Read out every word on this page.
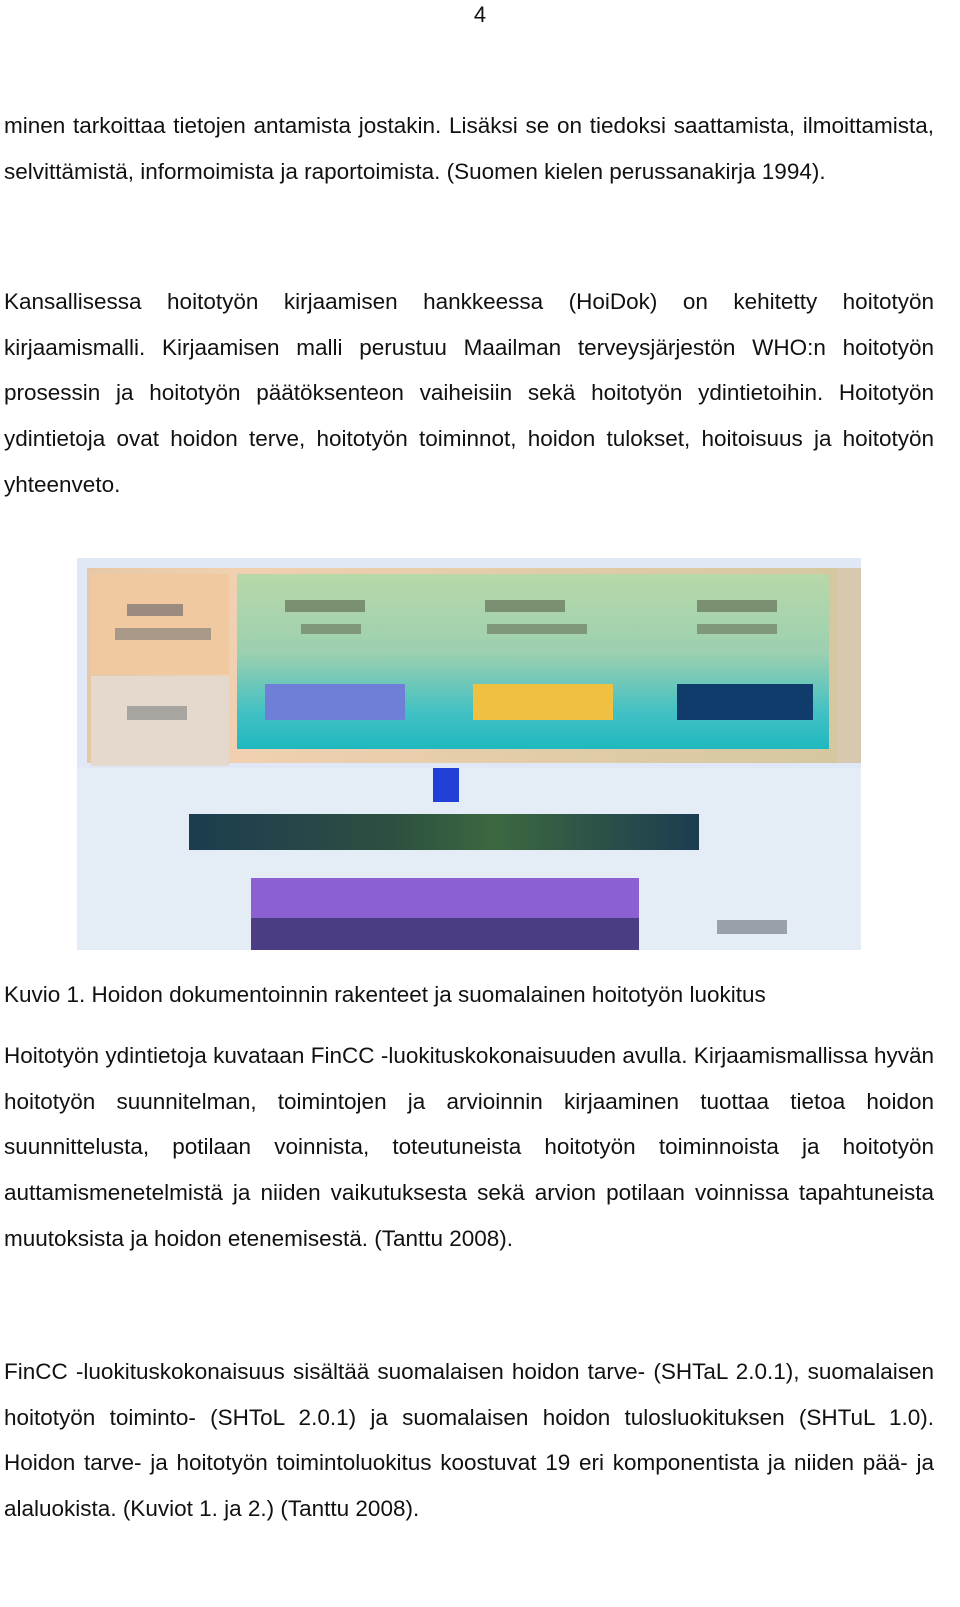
4

minen tarkoittaa tietojen antamista jostakin. Lisäksi se on tiedoksi saattamista, ilmoittamista, selvittämistä, informoimista ja raportoimista. (Suomen kielen perussanakirja 1994).

Kansallisessa hoitotyön kirjaamisen hankkeessa (HoiDok) on kehitetty hoitotyön kirjaamismalli. Kirjaamisen malli perustuu Maailman terveysjärjestön WHO:n hoitotyön prosessin ja hoitotyön päätöksenteon vaiheisiin sekä hoitotyön ydintietoihin. Hoitotyön ydintietoja ovat hoidon terve, hoitotyön toiminnot, hoidon tulokset, hoitoisuus ja hoitotyön yhteenveto.

Kuvio 1. Hoidon dokumentoinnin rakenteet ja suomalainen hoitotyön luokitus

Hoitotyön ydintietoja kuvataan FinCC -luokituskokonaisuuden avulla. Kirjaamismallissa hyvän hoitotyön suunnitelman, toimintojen ja arvioinnin kirjaaminen tuottaa tietoa hoidon suunnittelusta, potilaan voinnista, toteutuneista hoitotyön toiminnoista ja hoitotyön auttamismenetelmistä ja niiden vaikutuksesta sekä arvion potilaan voinnissa tapahtuneista muutoksista ja hoidon etenemisestä. (Tanttu 2008).

FinCC -luokituskokonaisuus sisältää suomalaisen hoidon tarve- (SHTaL 2.0.1), suomalaisen hoitotyön toiminto- (SHToL 2.0.1) ja suomalaisen hoidon tulosluokituksen (SHTuL 1.0). Hoidon tarve- ja hoitotyön toimintoluokitus koostuvat 19 eri komponentista ja niiden pää- ja alaluokista. (Kuviot 1. ja 2.) (Tanttu 2008).
